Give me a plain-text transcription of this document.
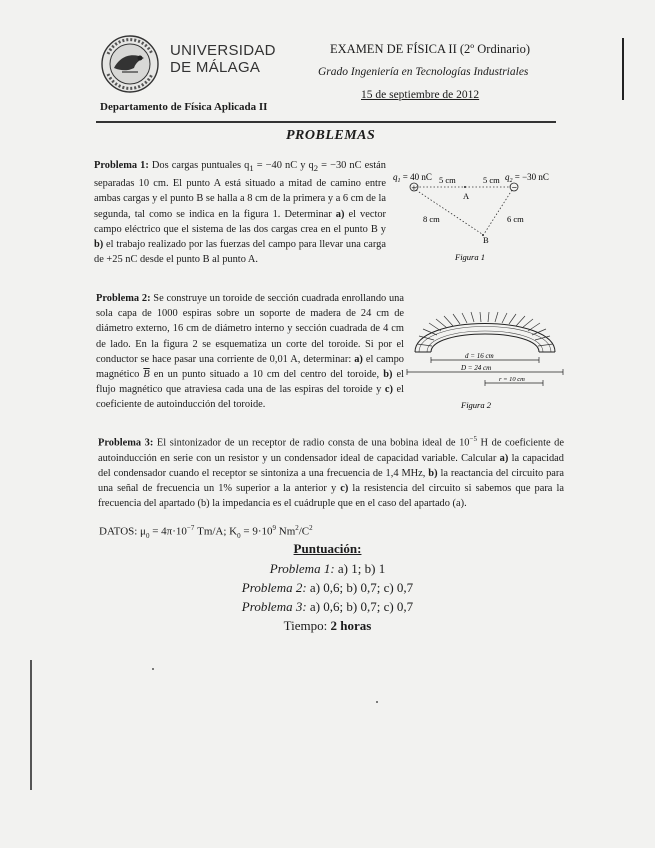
UNIVERSIDAD
DE MÁLAGA
EXAMEN DE FÍSICA II (2º Ordinario)
Grado Ingeniería en Tecnologías Industriales
15 de septiembre de 2012
Departamento de Física Aplicada II
PROBLEMAS
Problema 1: Dos cargas puntuales $q_1 = -40$ nC y $q_2 = -30$ nC están separadas 10 cm. El punto A está situado a mitad de camino entre ambas cargas y el punto B se halla a 8 cm de la primera y a 6 cm de la segunda, tal como se indica en la figura 1. Determinar a) el vector campo eléctrico que el sistema de las dos cargas crea en el punto B y b) el trabajo realizado por las fuerzas del campo para llevar una carga de +25 nC desde el punto B al punto A.
$q_1 = 40$ nC	$q_2 = -30$ nC
5 cm	5 cm
+	−
A
B
8 cm	6 cm
Figura 1
Problema 2: Se construye un toroide de sección cuadrada enrollando una sola capa de 1000 espiras sobre un soporte de madera de 24 cm de diámetro externo, 16 cm de diámetro interno y sección cuadrada de 4 cm de lado. En la figura 2 se esquematiza un corte del toroide. Si por el conductor se hace pasar una corriente de 0,01 A, determinar: a) el campo magnético $\overline{B}$ en un punto situado a 10 cm del centro del toroide, b) el flujo magnético que atraviesa cada una de las espiras del toroide y c) el coeficiente de autoinducción del toroide.
d = 16 cm
D = 24 cm
r = 10 cm
Figura 2
Problema 3: El sintonizador de un receptor de radio consta de una bobina ideal de $10^{-5}$ H de coeficiente de autoinducción en serie con un resistor y un condensador ideal de capacidad variable. Calcular a) la capacidad del condensador cuando el receptor se sintoniza a una frecuencia de 1,4 MHz, b) la reactancia del circuito para una señal de frecuencia un 1% superior a la anterior y c) la resistencia del circuito si sabemos que para la frecuencia del apartado (b) la impedancia es el cuádruple que en el caso del apartado (a).
DATOS: $\mu_0 = 4\pi\cdot 10^{-7}$ Tm/A; $K_0 = 9\cdot 10^9$ $Nm^2/C^2$
Puntuación:
Problema 1: a) 1; b) 1
Problema 2: a) 0,6; b) 0,7; c) 0,7
Problema 3: a) 0,6; b) 0,7; c) 0,7
Tiempo: 2 horas
